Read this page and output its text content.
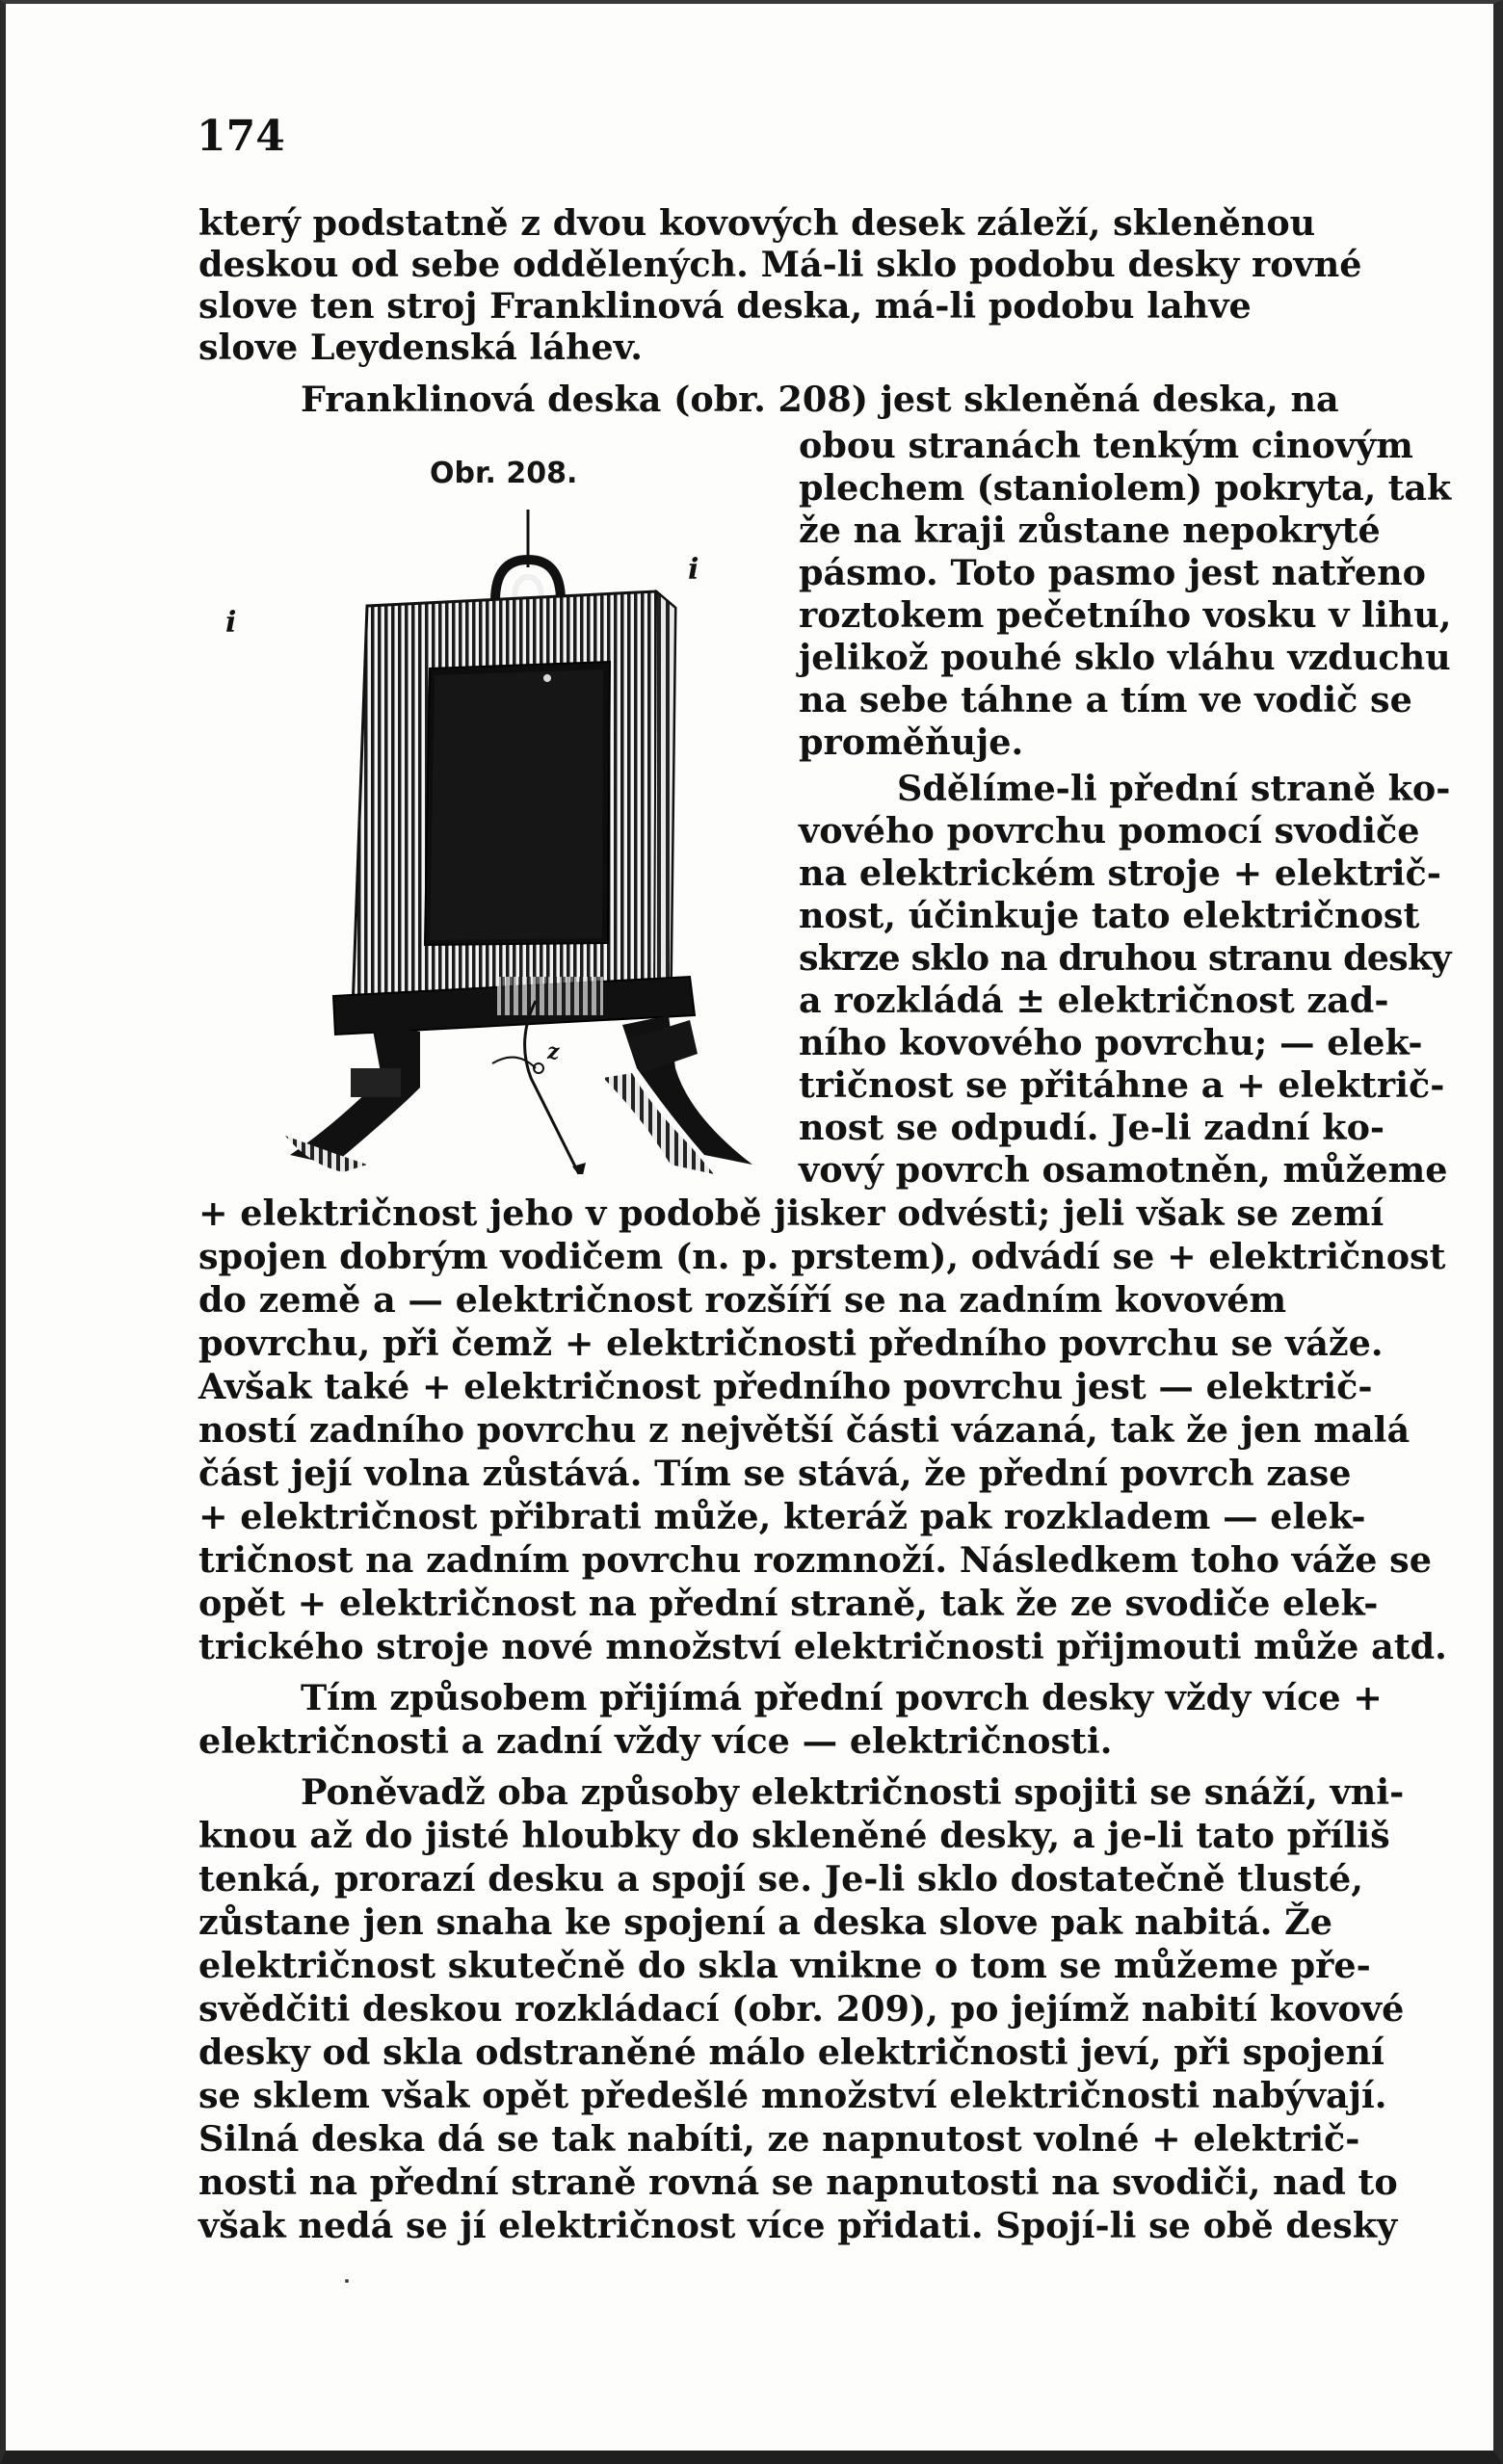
174
který podstatně z dvou kovových desek záleží, skleněnou
deskou od sebe oddělených. Má-li sklo podobu desky rovné
slove ten stroj Franklinová deska, má-li podobu lahve
slove Leydenská láhev.
Franklinová deska (obr. 208) jest skleněná deska, na
obou stranách tenkým cinovým
plechem (staniolem) pokryta, tak
že na kraji zůstane nepokryté
pásmo. Toto pasmo jest natřeno
roztokem pečetního vosku v lihu,
jelikož pouhé sklo vláhu vzduchu
na sebe táhne a tím ve vodič se
proměňuje.
Sdělíme-li přední straně ko-
vového povrchu pomocí svodiče
na elektrickém stroje + električ-
nost, účinkuje tato električnost
skrze sklo na druhou stranu desky
a rozkládá ± električnost zad-
ního kovového povrchu; — elek-
tričnost se přitáhne a + električ-
nost se odpudí. Je-li zadní ko-
vový povrch osamotněn, můžeme
+ električnost jeho v podobě jisker odvésti; jeli však se zemí
spojen dobrým vodičem (n. p. prstem), odvádí se + električnost
do země a — električnost rozšíří se na zadním kovovém
povrchu, při čemž + električnosti předního povrchu se váže.
Avšak také + električnost předního povrchu jest — električ-
ností zadního povrchu z největší části vázaná, tak že jen malá
část její volna zůstává. Tím se stává, že přední povrch zase
+ električnost přibrati může, kteráž pak rozkladem — elek-
tričnost na zadním povrchu rozmnoží. Následkem toho váže se
opět + električnost na přední straně, tak že ze svodiče elek-
trického stroje nové množství električnosti přijmouti může atd.
Tím způsobem přijímá přední povrch desky vždy více +
električnosti a zadní vždy více — električnosti.
Poněvadž oba způsoby električnosti spojiti se snáží, vni-
knou až do jisté hloubky do skleněné desky, a je-li tato příliš
tenká, prorazí desku a spojí se. Je-li sklo dostatečně tlusté,
zůstane jen snaha ke spojení a deska slove pak nabitá. Že
električnost skutečně do skla vnikne o tom se můžeme pře-
svědčiti deskou rozkládací (obr. 209), po jejímž nabití kovové
desky od skla odstraněné málo električnosti jeví, při spojení
se sklem však opět předešlé množství električnosti nabývají.
Silná deska dá se tak nabíti, ze napnutost volné + električ-
nosti na přední straně rovná se napnutosti na svodiči, nad to
však nedá se jí električnost více přidati. Spojí-li se obě desky
Obr. 208.
i
i
z
